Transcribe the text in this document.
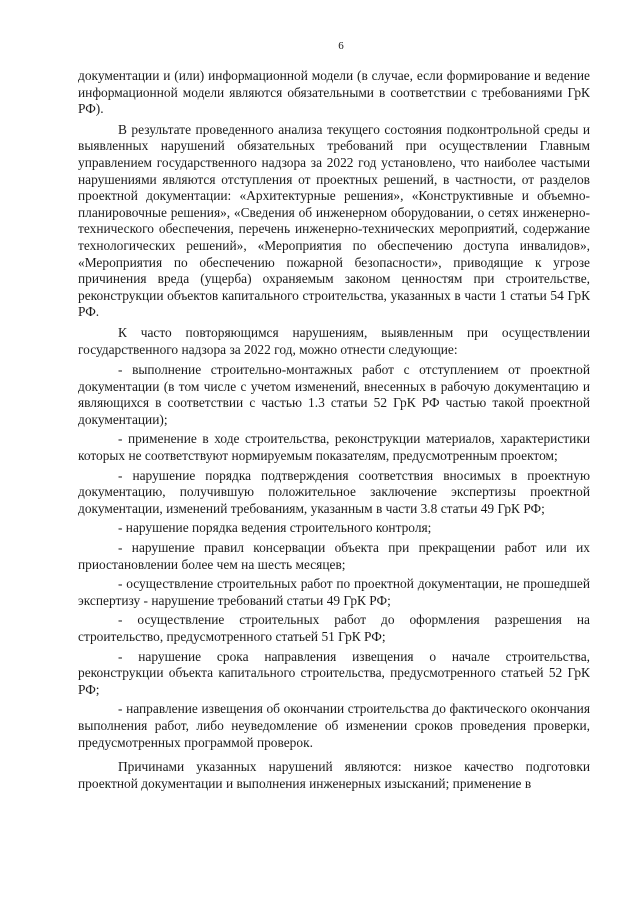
6

документации и (или) информационной модели (в случае, если формирование и ведение информационной модели являются обязательными в соответствии с требованиями ГрК РФ).

В результате проведенного анализа текущего состояния подконтрольной среды и выявленных нарушений обязательных требований при осуществлении Главным управлением государственного надзора за 2022 год установлено, что наиболее частыми нарушениями являются отступления от проектных решений, в частности, от разделов проектной документации: «Архитектурные решения», «Конструктивные и объемно-планировочные решения», «Сведения об инженерном оборудовании, о сетях инженерно-технического обеспечения, перечень инженерно-технических мероприятий, содержание технологических решений», «Мероприятия по обеспечению доступа инвалидов», «Мероприятия по обеспечению пожарной безопасности», приводящие к угрозе причинения вреда (ущерба) охраняемым законом ценностям при строительстве, реконструкции объектов капитального строительства, указанных в части 1 статьи 54 ГрК РФ.

К часто повторяющимся нарушениям, выявленным при осуществлении государственного надзора за 2022 год, можно отнести следующие:

- выполнение строительно-монтажных работ с отступлением от проектной документации (в том числе с учетом изменений, внесенных в рабочую документацию и являющихся в соответствии с частью 1.3 статьи 52 ГрК РФ частью такой проектной документации);

- применение в ходе строительства, реконструкции материалов, характеристики которых не соответствуют нормируемым показателям, предусмотренным проектом;

- нарушение порядка подтверждения соответствия вносимых в проектную документацию, получившую положительное заключение экспертизы проектной документации, изменений требованиям, указанным в части 3.8 статьи 49 ГрК РФ;

- нарушение порядка ведения строительного контроля;

- нарушение правил консервации объекта при прекращении работ или их приостановлении более чем на шесть месяцев;

- осуществление строительных работ по проектной документации, не прошедшей экспертизу - нарушение требований статьи 49 ГрК РФ;

- осуществление строительных работ до оформления разрешения на строительство, предусмотренного статьей 51 ГрК РФ;

- нарушение срока направления извещения о начале строительства, реконструкции объекта капитального строительства, предусмотренного статьей 52 ГрК РФ;

- направление извещения об окончании строительства до фактического окончания выполнения работ, либо неуведомление об изменении сроков проведения проверки, предусмотренных программой проверок.

Причинами указанных нарушений являются: низкое качество подготовки проектной документации и выполнения инженерных изысканий; применение в
